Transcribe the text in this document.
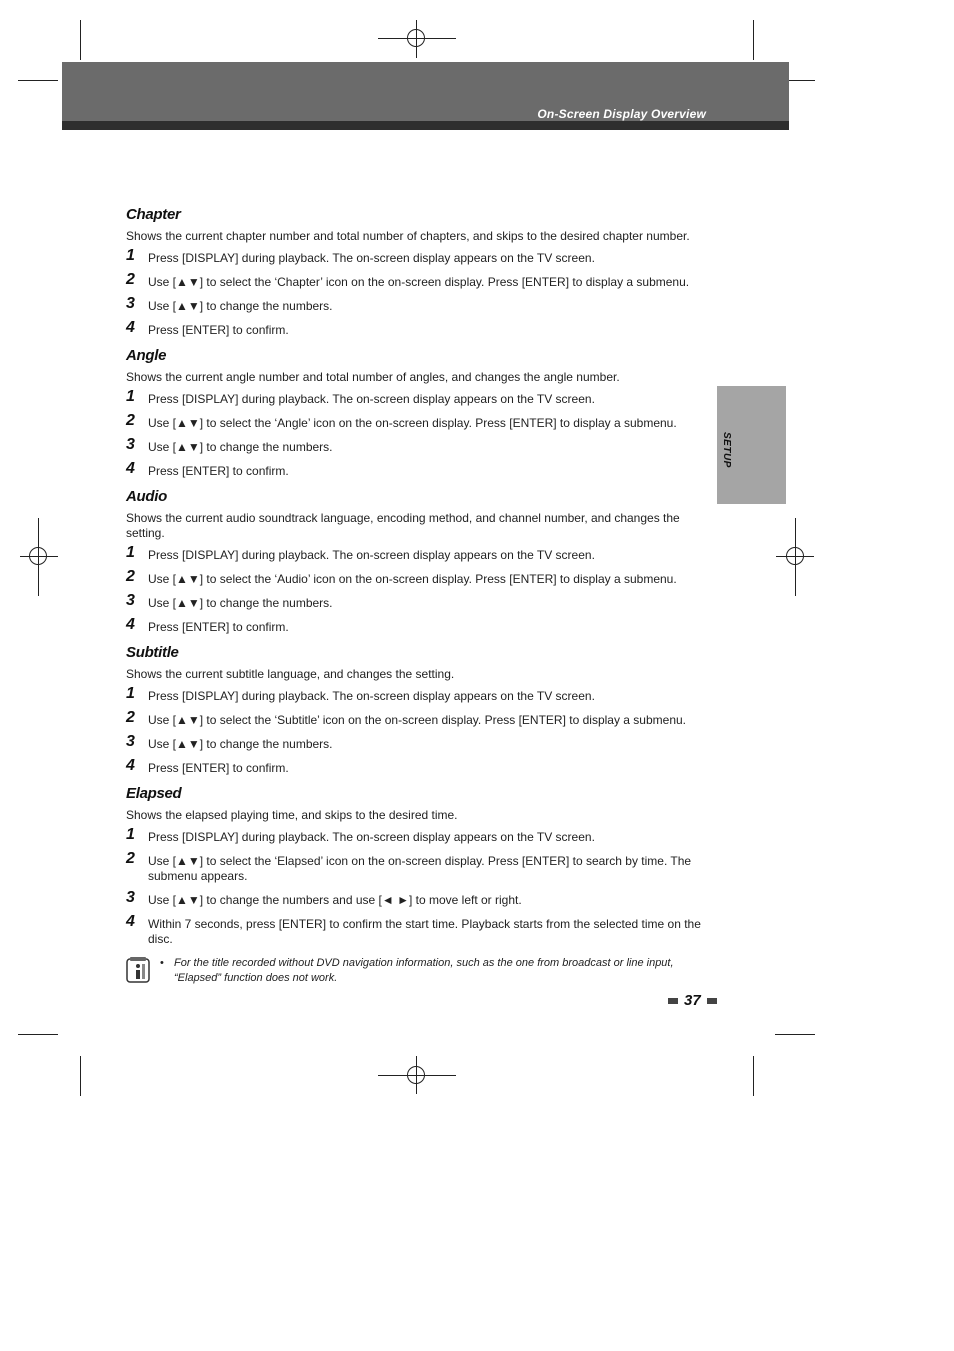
On-Screen Display Overview
SETUP
Chapter
Shows the current chapter number and total number of chapters, and skips to the desired chapter number.
1	Press [DISPLAY] during playback. The on-screen display appears on the TV screen.
2	Use [▲▼] to select the ‘Chapter’ icon on the on-screen display. Press [ENTER] to display a submenu.
3	Use [▲▼] to change the numbers.
4	Press [ENTER] to confirm.
Angle
Shows the current angle number and total number of angles, and changes the angle number.
1	Press [DISPLAY] during playback. The on-screen display appears on the TV screen.
2	Use [▲▼] to select the ‘Angle’ icon on the on-screen display. Press [ENTER] to display a submenu.
3	Use [▲▼] to change the numbers.
4	Press [ENTER] to confirm.
Audio
Shows the current audio soundtrack language, encoding method, and channel number, and changes the setting.
1	Press [DISPLAY] during playback. The on-screen display appears on the TV screen.
2	Use [▲▼] to select the ‘Audio’ icon on the on-screen display. Press [ENTER] to display a submenu.
3	Use [▲▼] to change the numbers.
4	Press [ENTER] to confirm.
Subtitle
Shows the current subtitle language, and changes the setting.
1	Press [DISPLAY] during playback. The on-screen display appears on the TV screen.
2	Use [▲▼] to select the ‘Subtitle’ icon on the on-screen display. Press [ENTER] to display a submenu.
3	Use [▲▼] to change the numbers.
4	Press [ENTER] to confirm.
Elapsed
Shows the elapsed playing time, and skips to the desired time.
1	Press [DISPLAY] during playback. The on-screen display appears on the TV screen.
2	Use [▲▼] to select the ‘Elapsed’ icon on the on-screen display. Press [ENTER] to search by time. The submenu appears.
3	Use [▲▼] to change the numbers and use [◄ ►] to move left or right.
4	Within 7 seconds, press [ENTER] to confirm the start time. Playback starts from the selected time on the disc.
• For the title recorded without DVD navigation information, such as the one from broadcast or line input, “Elapsed” function does not work.
37
